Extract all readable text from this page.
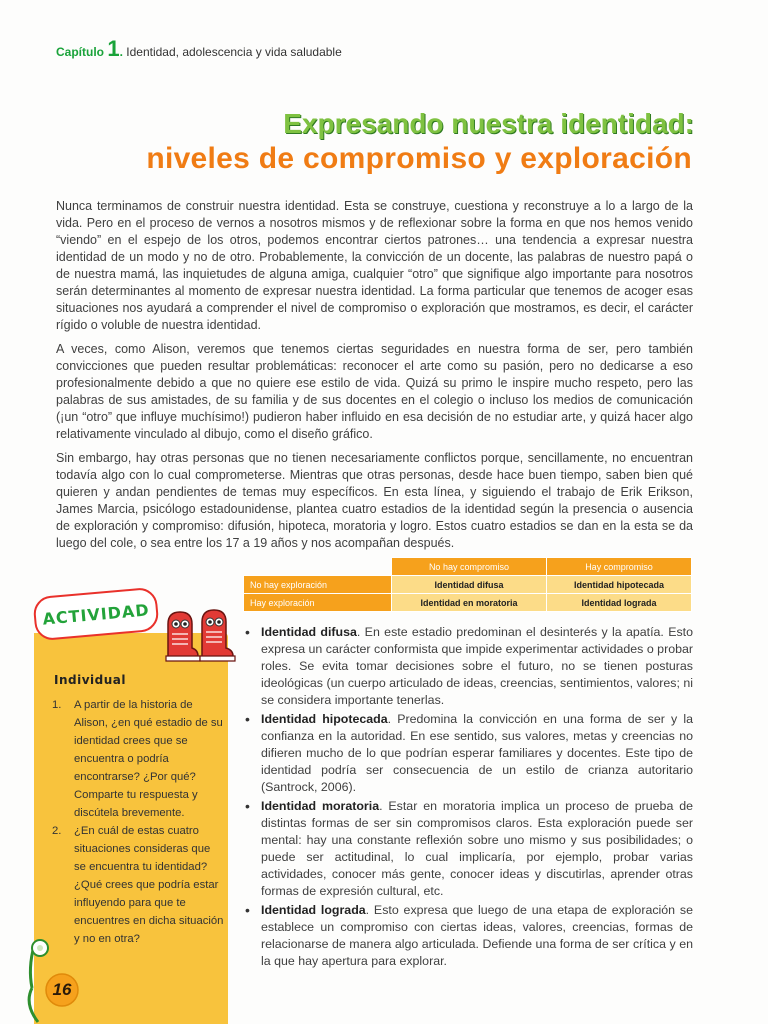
Capítulo 1. Identidad, adolescencia y vida saludable
Expresando nuestra identidad:
niveles de compromiso y exploración

Nunca terminamos de construir nuestra identidad. Esta se construye, cuestiona y reconstruye a lo a largo de la vida. Pero en el proceso de vernos a nosotros mismos y de reflexionar sobre la forma en que nos hemos venido “viendo” en el espejo de los otros, podemos encontrar ciertos patrones… una tendencia a expresar nuestra identidad de un modo y no de otro. Probablemente, la convicción de un docente, las palabras de nuestro papá o de nuestra mamá, las inquietudes de alguna amiga, cualquier “otro” que signifique algo importante para nosotros serán determinantes al momento de expresar nuestra identidad. La forma particular que tenemos de acoger esas situaciones nos ayudará a comprender el nivel de compromiso o exploración que mostramos, es decir, el carácter rígido o voluble de nuestra identidad.

A veces, como Alison, veremos que tenemos ciertas seguridades en nuestra forma de ser, pero también convicciones que pueden resultar problemáticas: reconocer el arte como su pasión, pero no dedicarse a eso profesionalmente debido a que no quiere ese estilo de vida. Quizá su primo le inspire mucho respeto, pero las palabras de sus amistades, de su familia y de sus docentes en el colegio o incluso los medios de comunicación (¡un “otro” que influye muchísimo!) pudieron haber influido en esa decisión de no estudiar arte, y quizá hacer algo relativamente vinculado al dibujo, como el diseño gráfico.

Sin embargo, hay otras personas que no tienen necesariamente conflictos porque, sencillamente, no encuentran todavía algo con lo cual comprometerse. Mientras que otras personas, desde hace buen tiempo, saben bien qué quieren y andan pendientes de temas muy específicos. En esta línea, y siguiendo el trabajo de Erik Erikson, James Marcia, psicólogo estadounidense, plantea cuatro estadios de la identidad según la presencia o ausencia de exploración y compromiso: difusión, hipoteca, moratoria y logro. Estos cuatro estadios se dan en la esta se da luego del cole, o sea entre los 17 a 19 años y nos acompañan después.

	No hay compromiso	Hay compromiso
No hay exploración	Identidad difusa	Identidad hipotecada
Hay exploración	Identidad en moratoria	Identidad lograda
ACTIVIDAD
Individual
1.	A partir de la historia de Alison, ¿en qué estadio de su identidad crees que se encuentra o podría encontrarse? ¿Por qué? Comparte tu respuesta y discútela brevemente.
2.	¿En cuál de estas cuatro situaciones consideras que se encuentra tu identidad? ¿Qué crees que podría estar influyendo para que te encuentres en dicha situación y no en otra?
16
• Identidad difusa. En este estadio predominan el desinterés y la apatía. Esto expresa un carácter conformista que impide experimentar actividades o probar roles. Se evita tomar decisiones sobre el futuro, no se tienen posturas ideológicas (un cuerpo articulado de ideas, creencias, sentimientos, valores; ni se considera importante tenerlas.
• Identidad hipotecada. Predomina la convicción en una forma de ser y la confianza en la autoridad. En ese sentido, sus valores, metas y creencias no difieren mucho de lo que podrían esperar familiares y docentes. Este tipo de identidad podría ser consecuencia de un estilo de crianza autoritario (Santrock, 2006).
• Identidad moratoria. Estar en moratoria implica un proceso de prueba de distintas formas de ser sin compromisos claros. Esta exploración puede ser mental: hay una constante reflexión sobre uno mismo y sus posibilidades; o puede ser actitudinal, lo cual implicaría, por ejemplo, probar varias actividades, conocer más gente, conocer ideas y discutirlas, aprender otras formas de expresión cultural, etc.
• Identidad lograda. Esto expresa que luego de una etapa de exploración se establece un compromiso con ciertas ideas, valores, creencias, formas de relacionarse de manera algo articulada. Defiende una forma de ser crítica y en la que hay apertura para explorar.
